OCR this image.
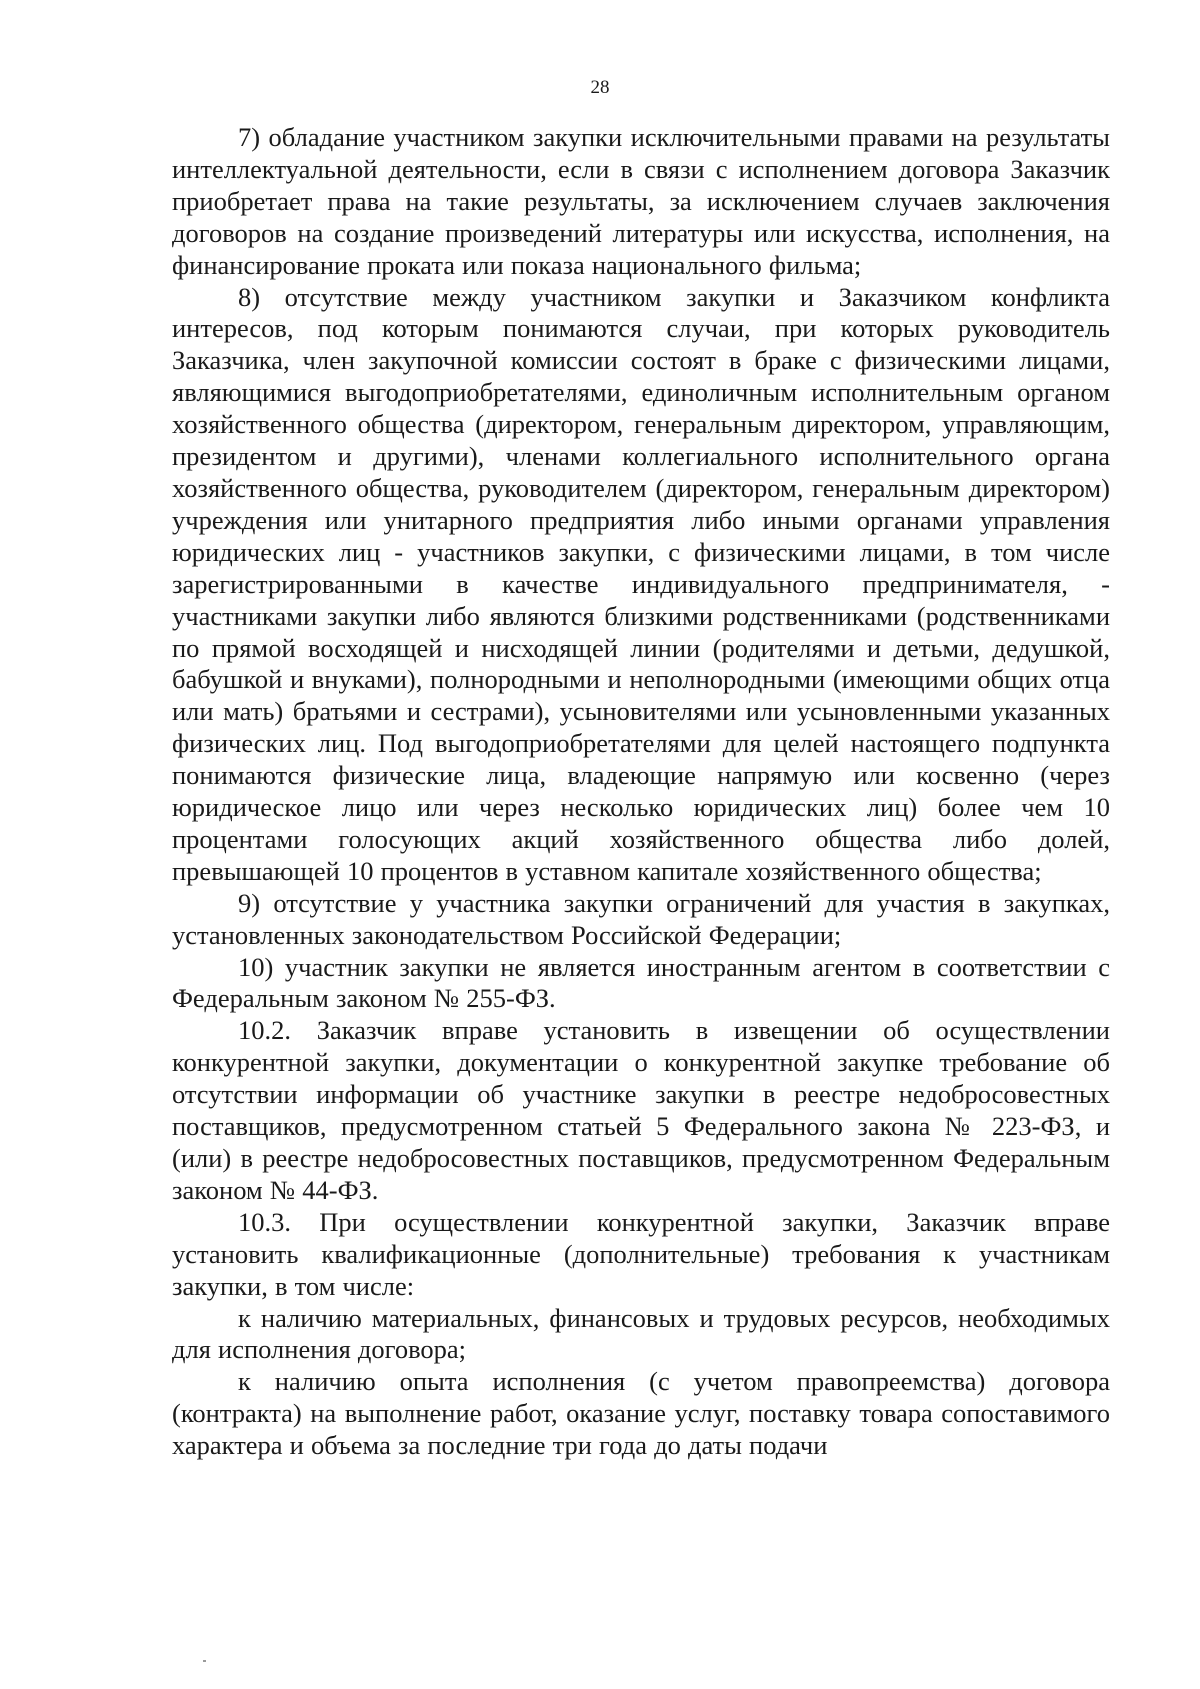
28

7) обладание участником закупки исключительными правами на результаты интеллектуальной деятельности, если в связи с исполнением договора Заказчик приобретает права на такие результаты, за исключением случаев заключения договоров на создание произведений литературы или искусства, исполнения, на финансирование проката или показа национального фильма;

8) отсутствие между участником закупки и Заказчиком конфликта интересов, под которым понимаются случаи, при которых руководитель Заказчика, член закупочной комиссии состоят в браке с физическими лицами, являющимися выгодоприобретателями, единоличным исполнительным органом хозяйственного общества (директором, генеральным директором, управляющим, президентом и другими), членами коллегиального исполнительного органа хозяйственного общества, руководителем (директором, генеральным директором) учреждения или унитарного предприятия либо иными органами управления юридических лиц - участников закупки, с физическими лицами, в том числе зарегистрированными в качестве индивидуального предпринимателя, - участниками закупки либо являются близкими родственниками (родственниками по прямой восходящей и нисходящей линии (родителями и детьми, дедушкой, бабушкой и внуками), полнородными и неполнородными (имеющими общих отца или мать) братьями и сестрами), усыновителями или усыновленными указанных физических лиц. Под выгодоприобретателями для целей настоящего подпункта понимаются физические лица, владеющие напрямую или косвенно (через юридическое лицо или через несколько юридических лиц) более чем 10 процентами голосующих акций хозяйственного общества либо долей, превышающей 10 процентов в уставном капитале хозяйственного общества;

9) отсутствие у участника закупки ограничений для участия в закупках, установленных законодательством Российской Федерации;

10) участник закупки не является иностранным агентом в соответствии с Федеральным законом № 255-ФЗ.

10.2. Заказчик вправе установить в извещении об осуществлении конкурентной закупки, документации о конкурентной закупке требование об отсутствии информации об участнике закупки в реестре недобросовестных поставщиков, предусмотренном статьей 5 Федерального закона № 223-ФЗ, и (или) в реестре недобросовестных поставщиков, предусмотренном Федеральным законом № 44-ФЗ.

10.3. При осуществлении конкурентной закупки, Заказчик вправе установить квалификационные (дополнительные) требования к участникам закупки, в том числе:

к наличию материальных, финансовых и трудовых ресурсов, необходимых для исполнения договора;

к наличию опыта исполнения (с учетом правопреемства) договора (контракта) на выполнение работ, оказание услуг, поставку товара сопоставимого характера и объема за последние три года до даты подачи
